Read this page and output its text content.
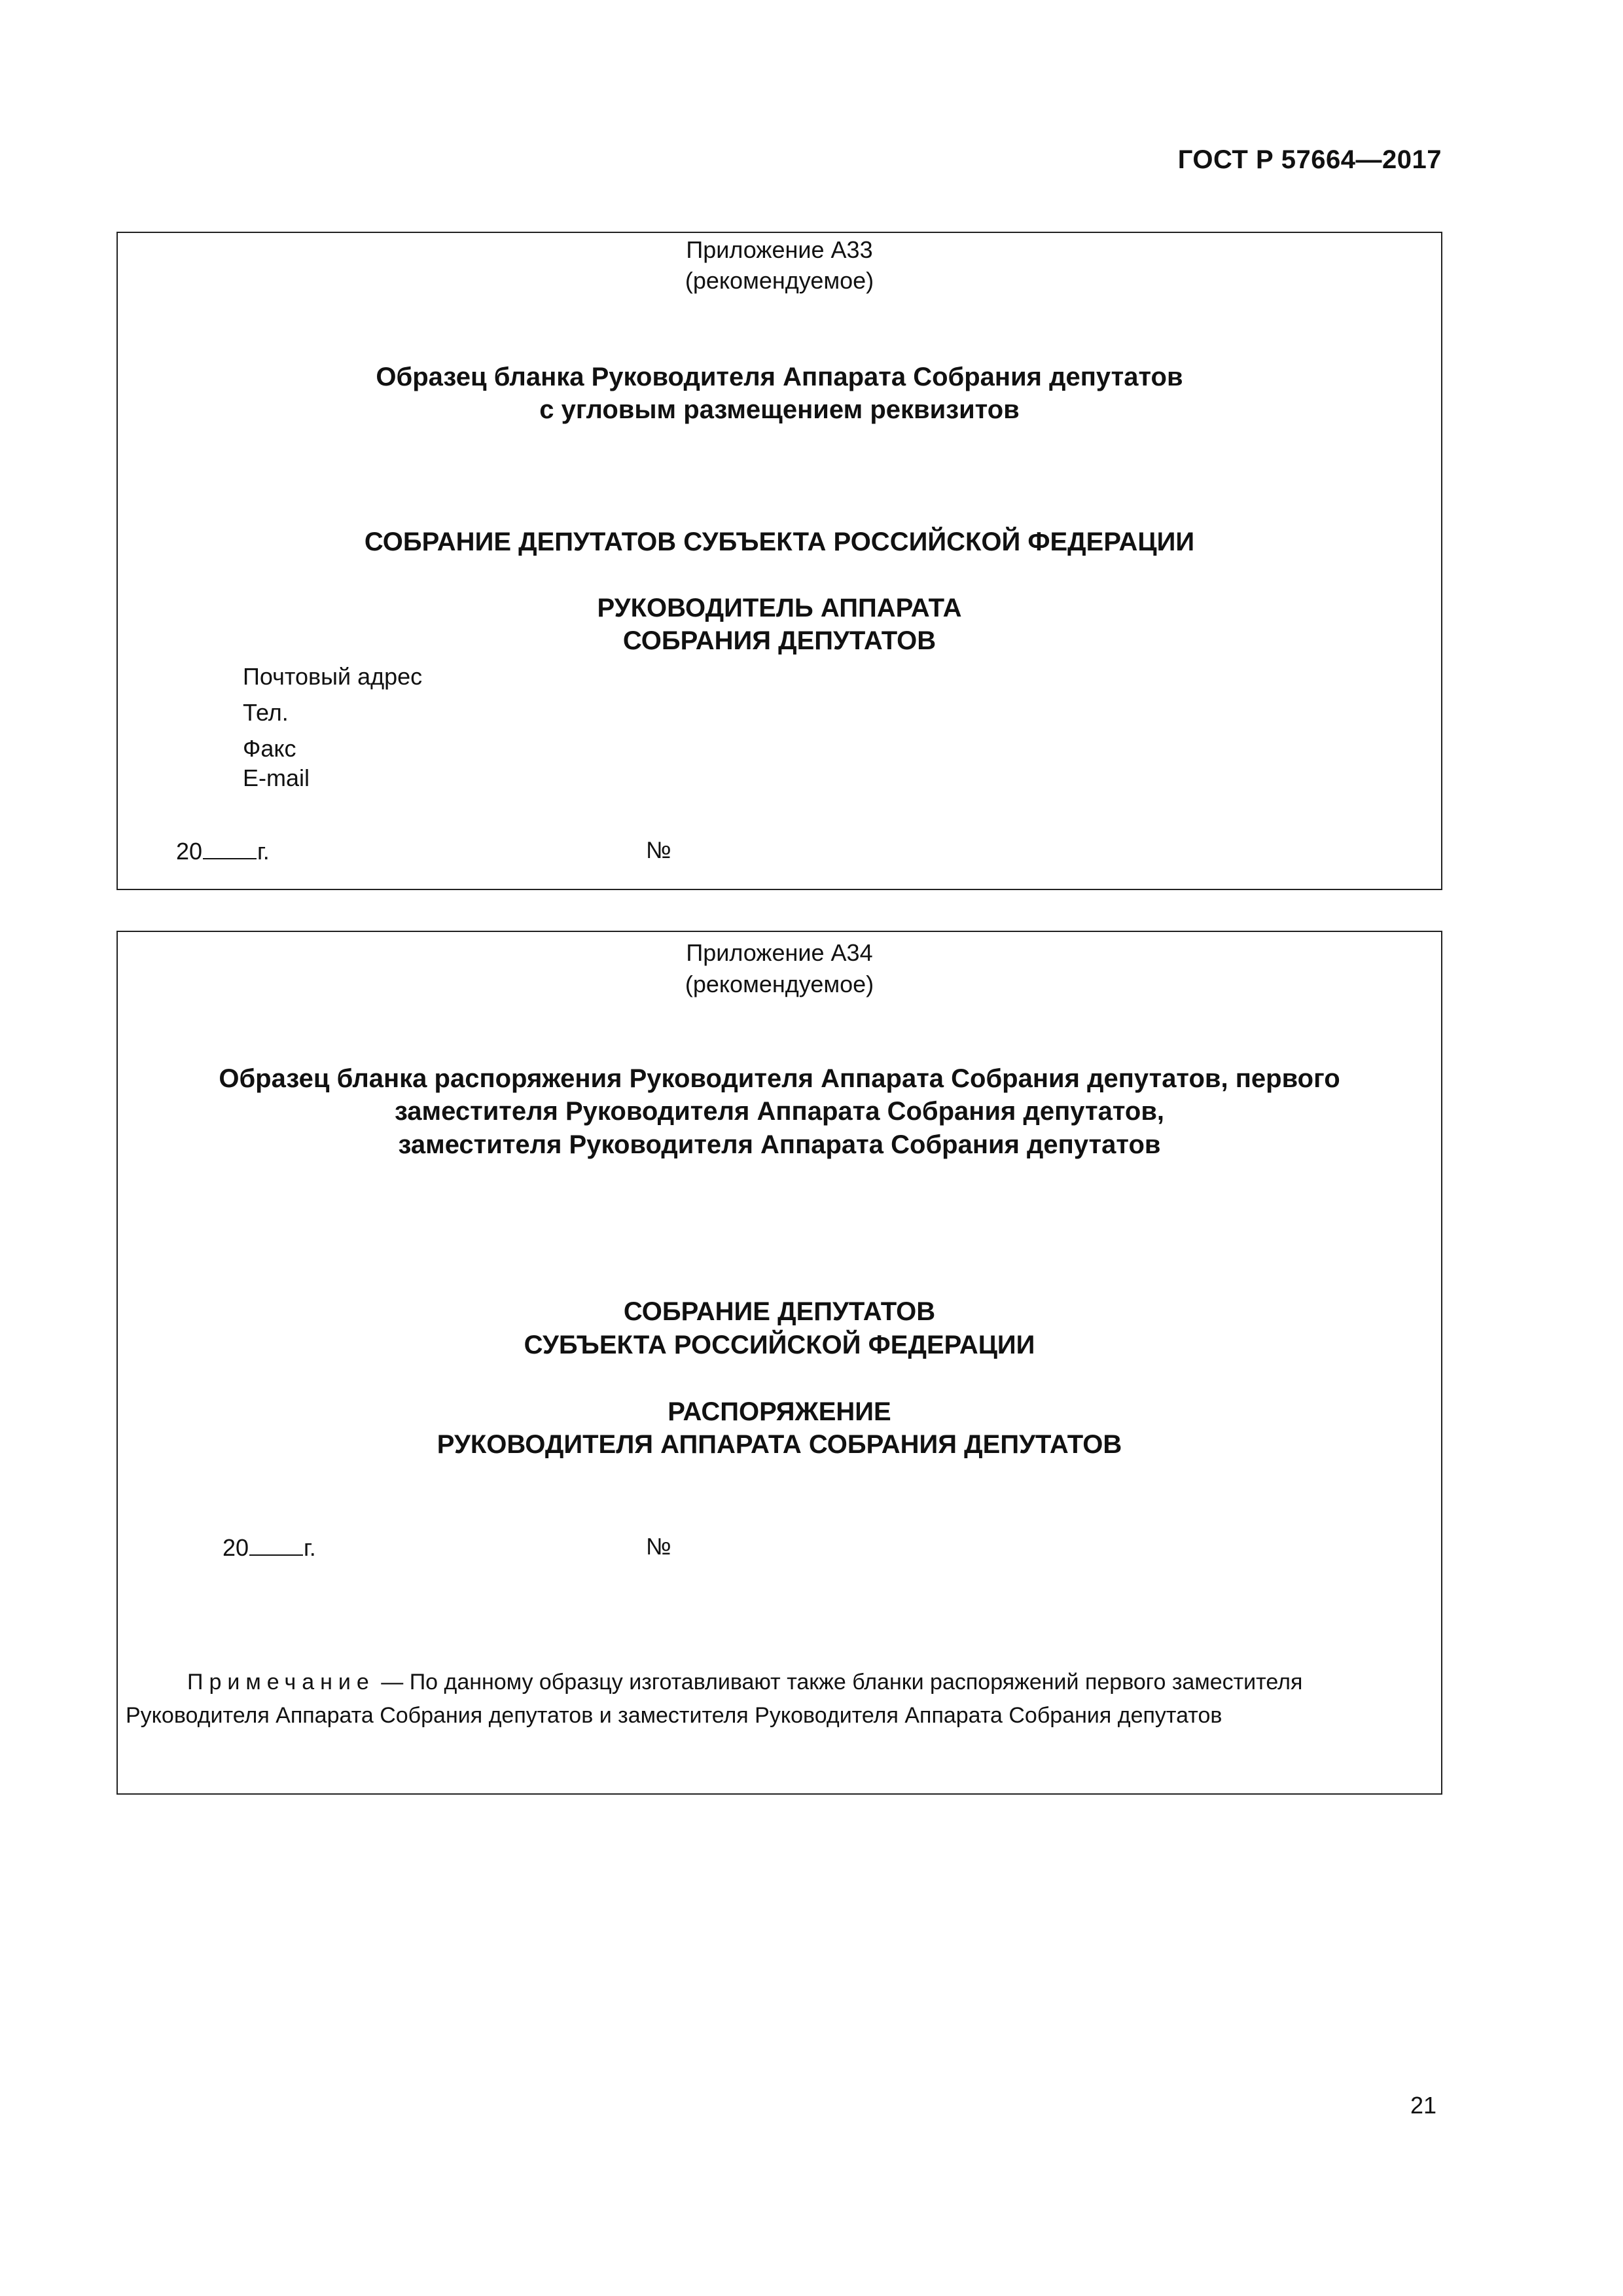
ГОСТ Р 57664—2017
Приложение А33
(рекомендуемое)
Образец бланка Руководителя Аппарата Собрания депутатов
с угловым размещением реквизитов
СОБРАНИЕ ДЕПУТАТОВ СУБЪЕКТА РОССИЙСКОЙ ФЕДЕРАЦИИ
РУКОВОДИТЕЛЬ АППАРАТА
СОБРАНИЯ ДЕПУТАТОВ
Почтовый адрес
Тел.
Факс
E-mail
20 г.	№
Приложение А34
(рекомендуемое)
Образец бланка распоряжения Руководителя Аппарата Собрания депутатов, первого
заместителя Руководителя Аппарата Собрания депутатов,
заместителя Руководителя Аппарата Собрания депутатов
СОБРАНИЕ ДЕПУТАТОВ
СУБЪЕКТА РОССИЙСКОЙ ФЕДЕРАЦИИ
РАСПОРЯЖЕНИЕ
РУКОВОДИТЕЛЯ АППАРАТА СОБРАНИЯ ДЕПУТАТОВ
20 г.	№
Примечание — По данному образцу изготавливают также бланки распоряжений первого заместителя
Руководителя Аппарата Собрания депутатов и заместителя Руководителя Аппарата Собрания депутатов
21
